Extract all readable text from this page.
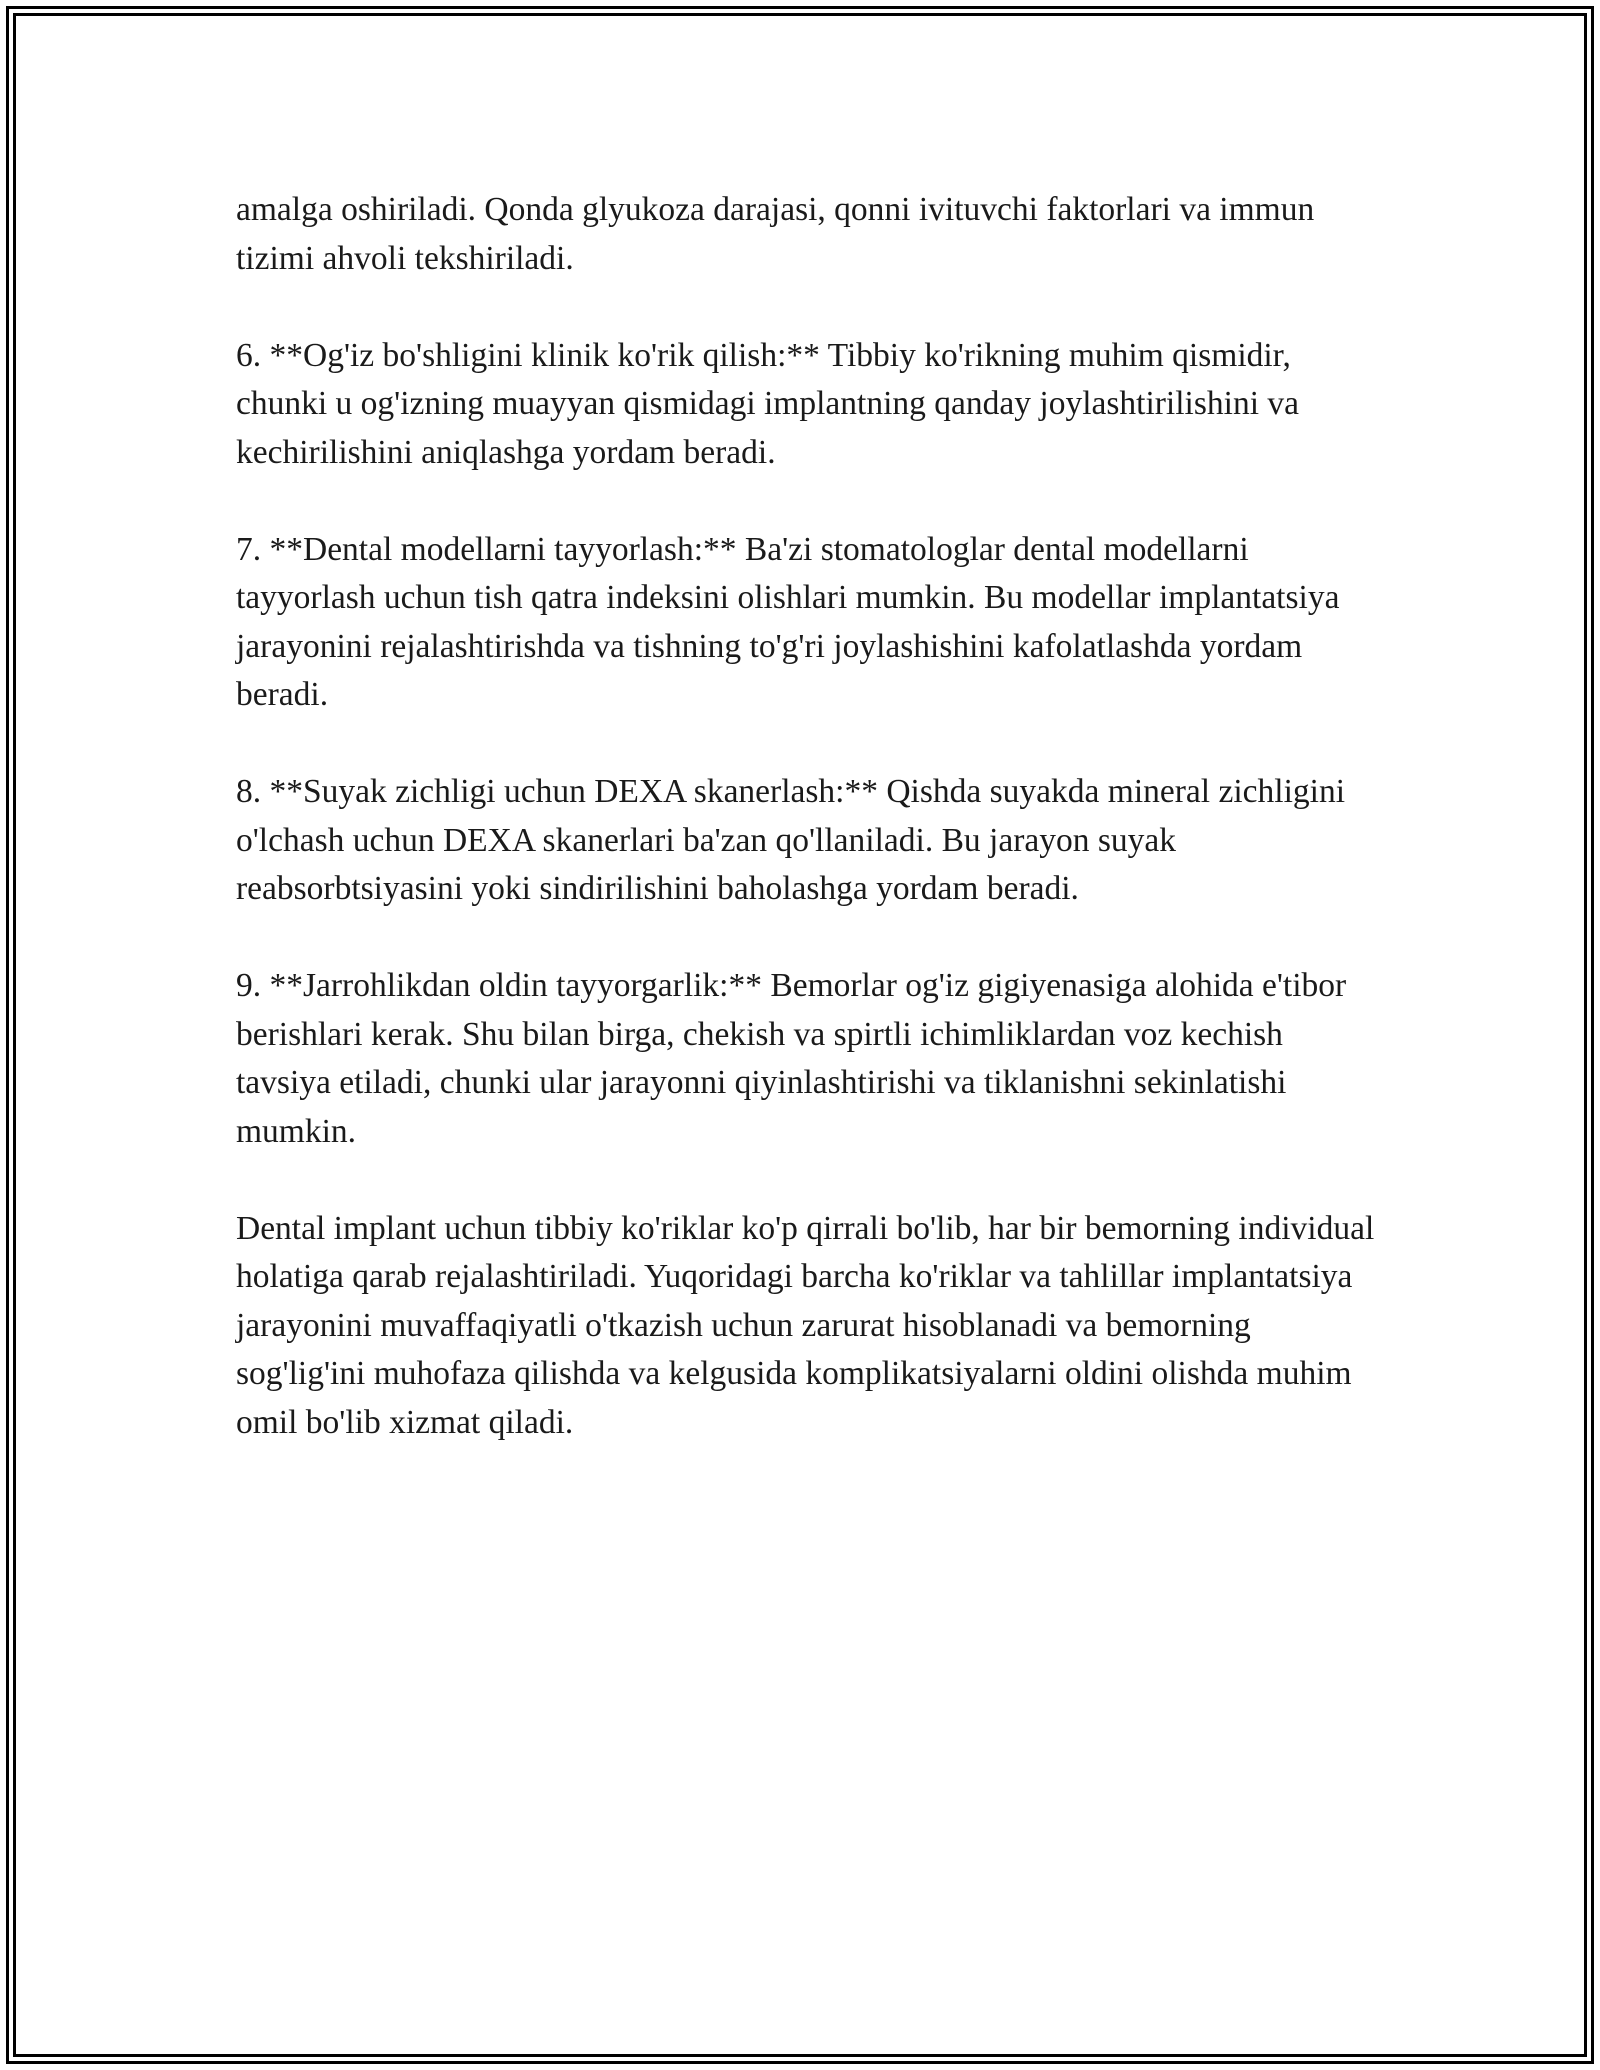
amalga oshiriladi. Qonda glyukoza darajasi, qonni ivituvchi faktorlari va immun tizimi ahvoli tekshiriladi.

6. **Og'iz bo'shligini klinik ko'rik qilish:** Tibbiy ko'rikning muhim qismidir, chunki u og'izning muayyan qismidagi implantning qanday joylashtirilishini va kechirilishini aniqlashga yordam beradi.

7. **Dental modellarni tayyorlash:** Ba'zi stomatologlar dental modellarni tayyorlash uchun tish qatra indeksini olishlari mumkin. Bu modellar implantatsiya jarayonini rejalashtirishda va tishning to'g'ri joylashishini kafolatlashda yordam beradi.

8. **Suyak zichligi uchun DEXA skanerlash:** Qishda suyakda mineral zichligini o'lchash uchun DEXA skanerlari ba'zan qo'llaniladi. Bu jarayon suyak reabsorbtsiyasini yoki sindirilishini baholashga yordam beradi.

9. **Jarrohlikdan oldin tayyorgarlik:** Bemorlar og'iz gigiyenasiga alohida e'tibor berishlari kerak. Shu bilan birga, chekish va spirtli ichimliklardan voz kechish tavsiya etiladi, chunki ular jarayonni qiyinlashtirishi va tiklanishni sekinlatishi mumkin.

Dental implant uchun tibbiy ko'riklar ko'p qirrali bo'lib, har bir bemorning individual holatiga qarab rejalashtiriladi. Yuqoridagi barcha ko'riklar va tahlillar implantatsiya jarayonini muvaffaqiyatli o'tkazish uchun zarurat hisoblanadi va bemorning sog'lig'ini muhofaza qilishda va kelgusida komplikatsiyalarni oldini olishda muhim omil bo'lib xizmat qiladi.
